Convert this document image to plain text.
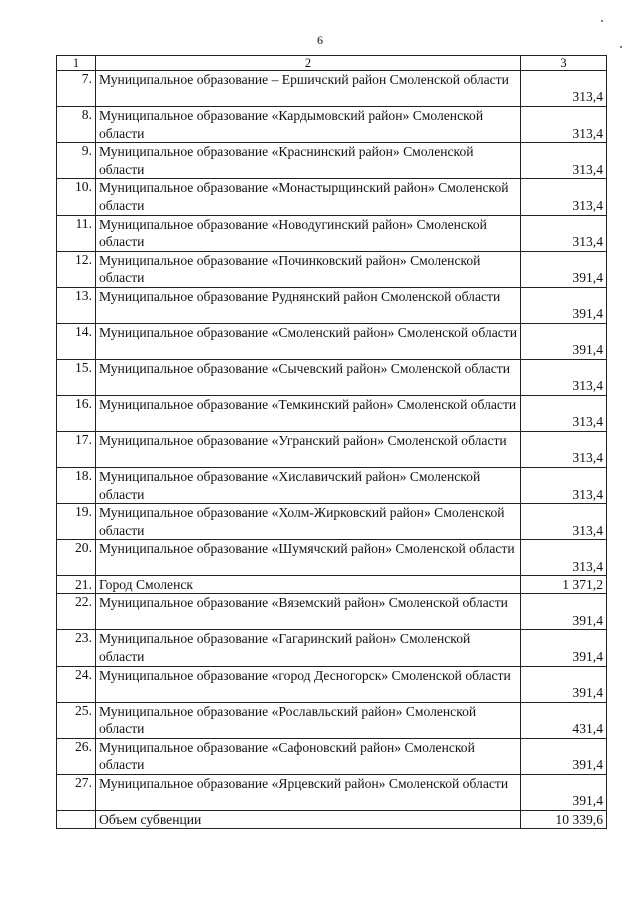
6
1	2	3
7.	Муниципальное образование – Ершичский район Смоленской области	313,4
8.	Муниципальное образование «Кардымовский район» Смоленской области	313,4
9.	Муниципальное образование «Краснинский район» Смоленской области	313,4
10.	Муниципальное образование «Монастырщинский район» Смоленской области	313,4
11.	Муниципальное образование «Новодугинский район» Смоленской области	313,4
12.	Муниципальное образование «Починковский район» Смоленской области	391,4
13.	Муниципальное образование Руднянский район Смоленской области	391,4
14.	Муниципальное образование «Смоленский район» Смоленской области	391,4
15.	Муниципальное образование «Сычевский район» Смоленской области	313,4
16.	Муниципальное образование «Темкинский район» Смоленской области	313,4
17.	Муниципальное образование «Угранский район» Смоленской области	313,4
18.	Муниципальное образование «Хиславичский район» Смоленской области	313,4
19.	Муниципальное образование «Холм-Жирковский район» Смоленской области	313,4
20.	Муниципальное образование «Шумячский район» Смоленской области	313,4
21.	Город Смоленск	1 371,2
22.	Муниципальное образование «Вяземский район» Смоленской области	391,4
23.	Муниципальное образование «Гагаринский район» Смоленской области	391,4
24.	Муниципальное образование «город Десногорск» Смоленской области	391,4
25.	Муниципальное образование «Рославльский район» Смоленской области	431,4
26.	Муниципальное образование «Сафоновский район» Смоленской области	391,4
27.	Муниципальное образование «Ярцевский район» Смоленской области	391,4
	Объем субвенции	10 339,6
